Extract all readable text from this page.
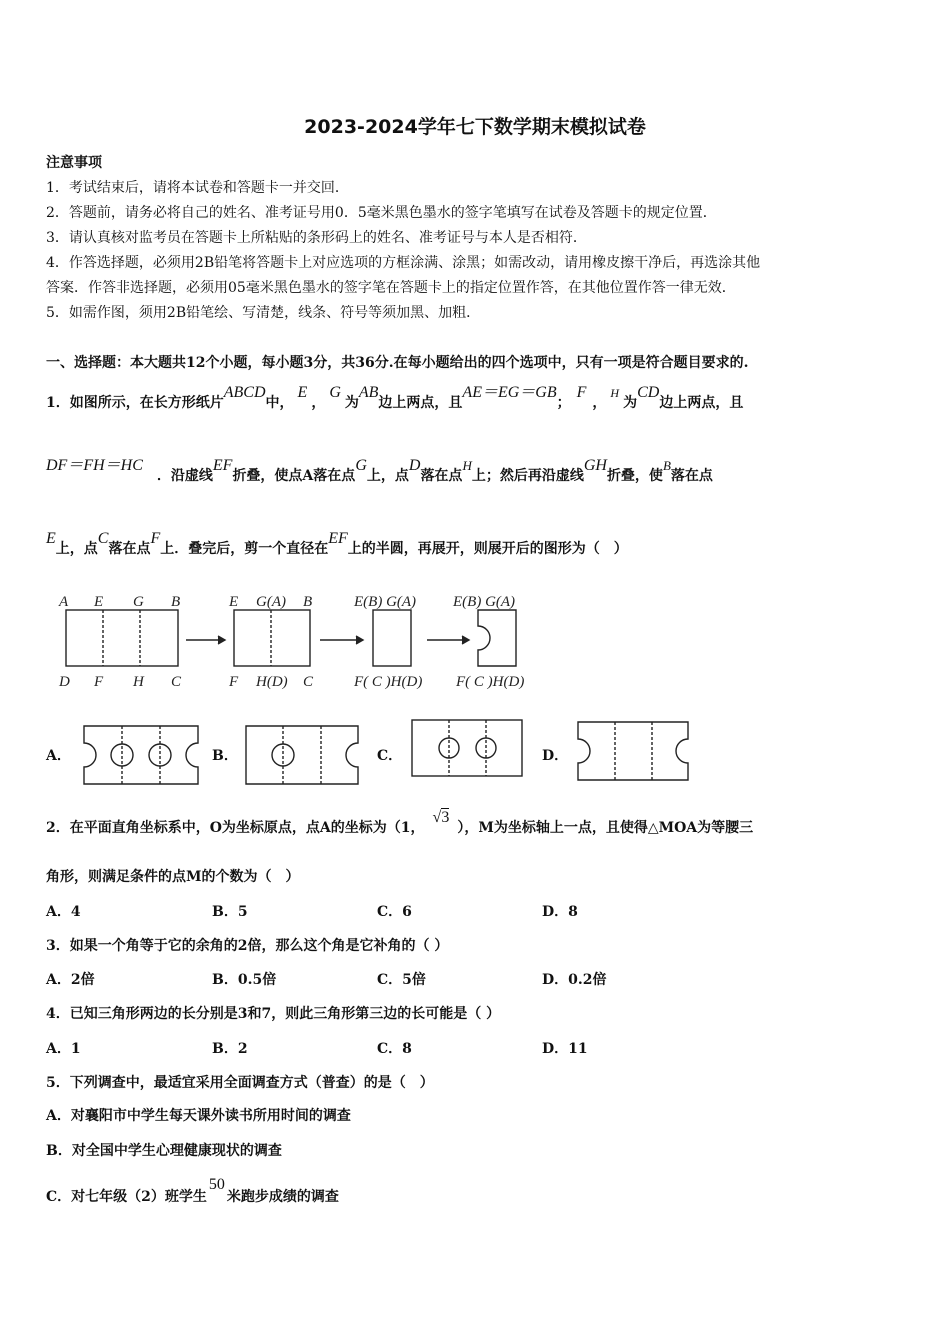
2023-2024学年七下数学期末模拟试卷
注意事项
1．考试结束后，请将本试卷和答题卡一并交回．
2．答题前，请务必将自己的姓名、准考证号用0．5毫米黑色墨水的签字笔填写在试卷及答题卡的规定位置．
3．请认真核对监考员在答题卡上所粘贴的条形码上的姓名、准考证号与本人是否相符．
4．作答选择题，必须用2B铅笔将答题卡上对应选项的方框涂满、涂黑；如需改动，请用橡皮擦干净后，再选涂其他
答案．作答非选择题，必须用05毫米黑色墨水的签字笔在答题卡上的指定位置作答，在其他位置作答一律无效．
5．如需作图，须用2B铅笔绘、写清楚，线条、符号等须加黑、加粗．
一、选择题：本大题共12个小题，每小题3分，共36分.在每小题给出的四个选项中，只有一项是符合题目要求的.
1．如图所示，在长方形纸片ABCD中，E，G为AB边上两点，且AE＝EG＝GB；F，H为CD边上两点，且
DF＝FH＝HC．沿虚线EF折叠，使点A落在点G上，点D落在点H上；然后再沿虚线GH折叠，使B落在点
E上，点C落在点F上．叠完后，剪一个直径在EF上的半圆，再展开，则展开后的图形为（　）
A E G B
D F H C
E G(A) B
F H(D) C
E(B) G(A)
F( C )H(D)
E(B) G(A)
F( C )H(D)
A．	B．	C．	D．
2．在平面直角坐标系中，O为坐标原点，点A的坐标为（1，√3），M为坐标轴上一点，且使得△MOA为等腰三
角形，则满足条件的点M的个数为（　）
A．4	B．5	C．6	D．8
3．如果一个角等于它的余角的2倍，那么这个角是它补角的（ ）
A．2倍	B．0.5倍	C．5倍	D．0.2倍
4．已知三角形两边的长分别是3和7，则此三角形第三边的长可能是（ ）
A．1	B．2	C．8	D．11
5．下列调查中，最适宜采用全面调查方式（普查）的是（　）
A．对襄阳市中学生每天课外读书所用时间的调查
B．对全国中学生心理健康现状的调查
C．对七年级（2）班学生50米跑步成绩的调查
